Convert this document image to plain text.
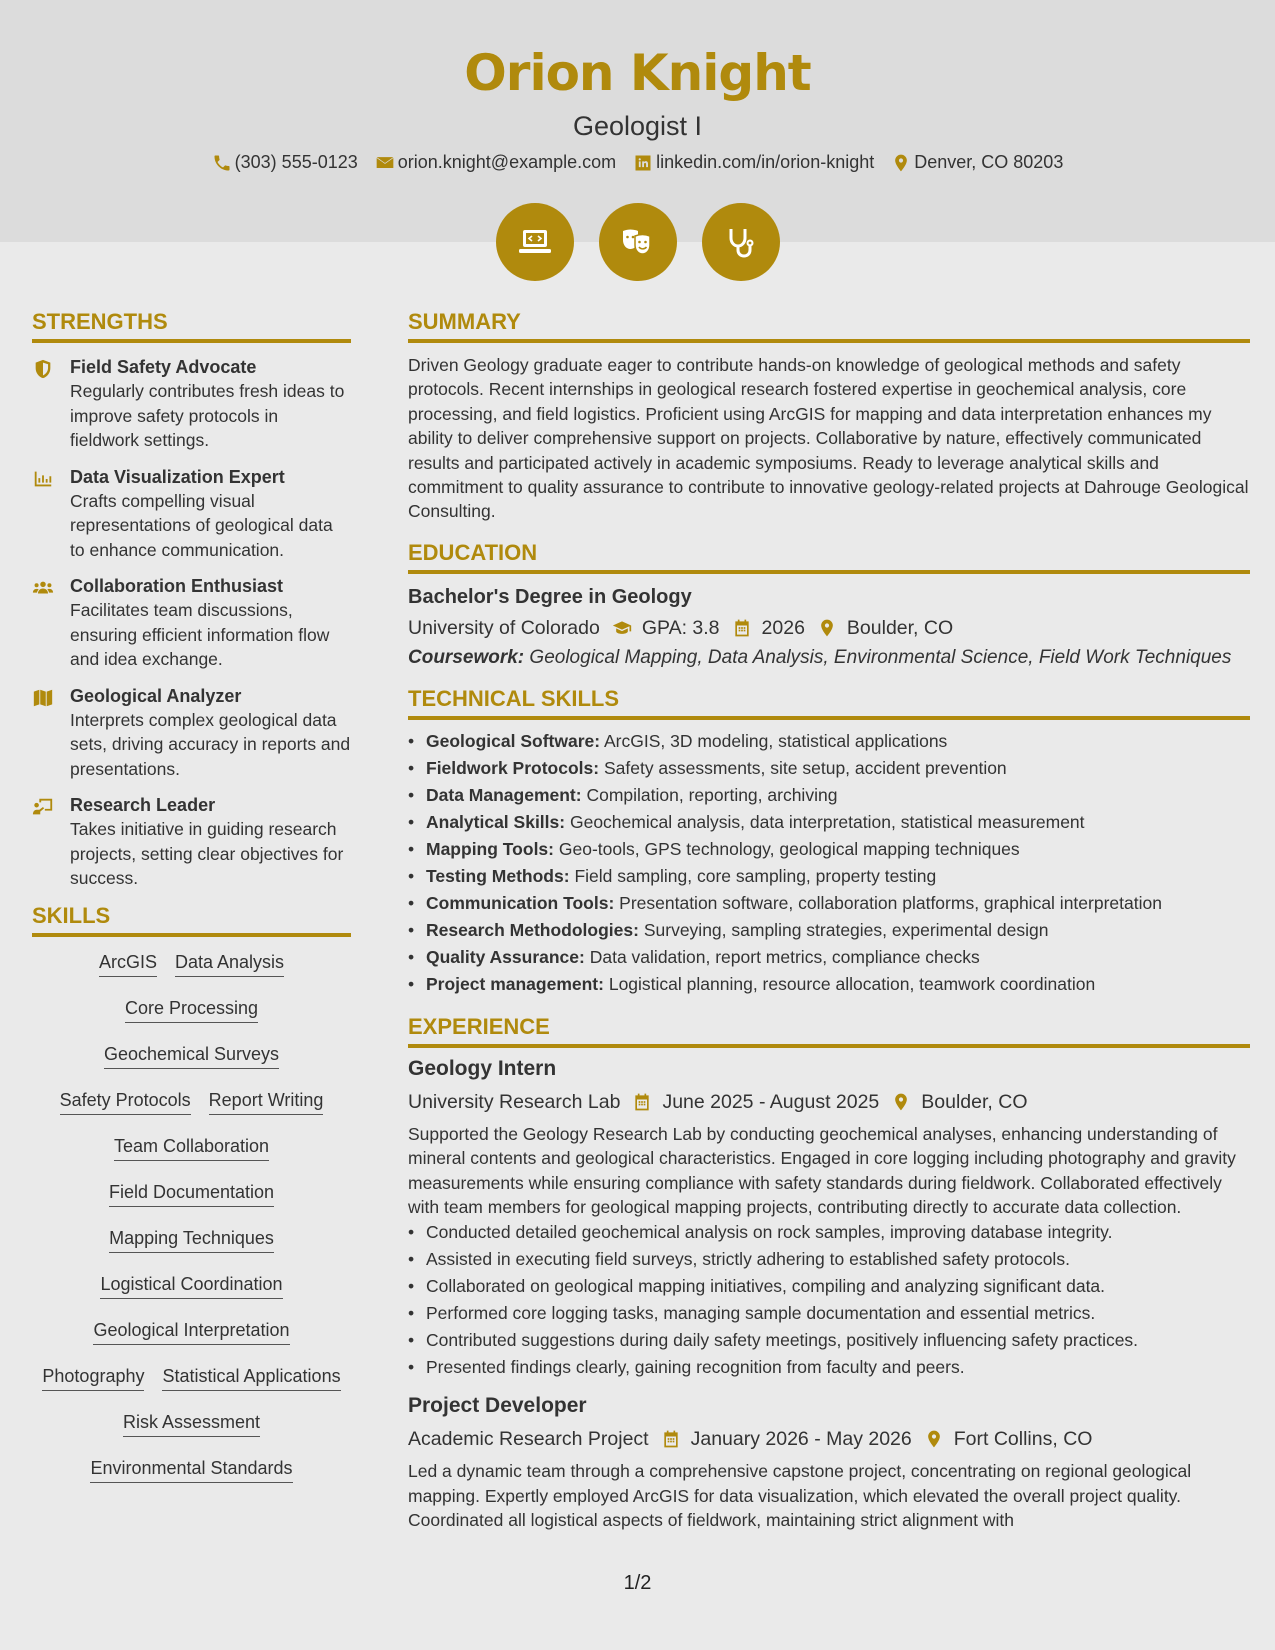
Orion Knight
Geologist I
(303) 555-0123 orion.knight@example.com linkedin.com/in/orion-knight Denver, CO 80203
STRENGTHS
Field Safety Advocate
Regularly contributes fresh ideas to improve safety protocols in fieldwork settings.
Data Visualization Expert
Crafts compelling visual representations of geological data to enhance communication.
Collaboration Enthusiast
Facilitates team discussions, ensuring efficient information flow and idea exchange.
Geological Analyzer
Interprets complex geological data sets, driving accuracy in reports and presentations.
Research Leader
Takes initiative in guiding research projects, setting clear objectives for success.
SKILLS
ArcGIS Data Analysis
Core Processing
Geochemical Surveys
Safety Protocols Report Writing
Team Collaboration
Field Documentation
Mapping Techniques
Logistical Coordination
Geological Interpretation
Photography Statistical Applications
Risk Assessment
Environmental Standards
SUMMARY
Driven Geology graduate eager to contribute hands-on knowledge of geological methods and safety protocols. Recent internships in geological research fostered expertise in geochemical analysis, core processing, and field logistics. Proficient using ArcGIS for mapping and data interpretation enhances my ability to deliver comprehensive support on projects. Collaborative by nature, effectively communicated results and participated actively in academic symposiums. Ready to leverage analytical skills and commitment to quality assurance to contribute to innovative geology-related projects at Dahrouge Geological Consulting.
EDUCATION
Bachelor's Degree in Geology
University of Colorado GPA: 3.8 2026 Boulder, CO
Coursework: Geological Mapping, Data Analysis, Environmental Science, Field Work Techniques
TECHNICAL SKILLS
• Geological Software: ArcGIS, 3D modeling, statistical applications
• Fieldwork Protocols: Safety assessments, site setup, accident prevention
• Data Management: Compilation, reporting, archiving
• Analytical Skills: Geochemical analysis, data interpretation, statistical measurement
• Mapping Tools: Geo-tools, GPS technology, geological mapping techniques
• Testing Methods: Field sampling, core sampling, property testing
• Communication Tools: Presentation software, collaboration platforms, graphical interpretation
• Research Methodologies: Surveying, sampling strategies, experimental design
• Quality Assurance: Data validation, report metrics, compliance checks
• Project management: Logistical planning, resource allocation, teamwork coordination
EXPERIENCE
Geology Intern
University Research Lab June 2025 - August 2025 Boulder, CO
Supported the Geology Research Lab by conducting geochemical analyses, enhancing understanding of mineral contents and geological characteristics. Engaged in core logging including photography and gravity measurements while ensuring compliance with safety standards during fieldwork. Collaborated effectively with team members for geological mapping projects, contributing directly to accurate data collection.
• Conducted detailed geochemical analysis on rock samples, improving database integrity.
• Assisted in executing field surveys, strictly adhering to established safety protocols.
• Collaborated on geological mapping initiatives, compiling and analyzing significant data.
• Performed core logging tasks, managing sample documentation and essential metrics.
• Contributed suggestions during daily safety meetings, positively influencing safety practices.
• Presented findings clearly, gaining recognition from faculty and peers.
Project Developer
Academic Research Project January 2026 - May 2026 Fort Collins, CO
Led a dynamic team through a comprehensive capstone project, concentrating on regional geological mapping. Expertly employed ArcGIS for data visualization, which elevated the overall project quality. Coordinated all logistical aspects of fieldwork, maintaining strict alignment with
1/2
